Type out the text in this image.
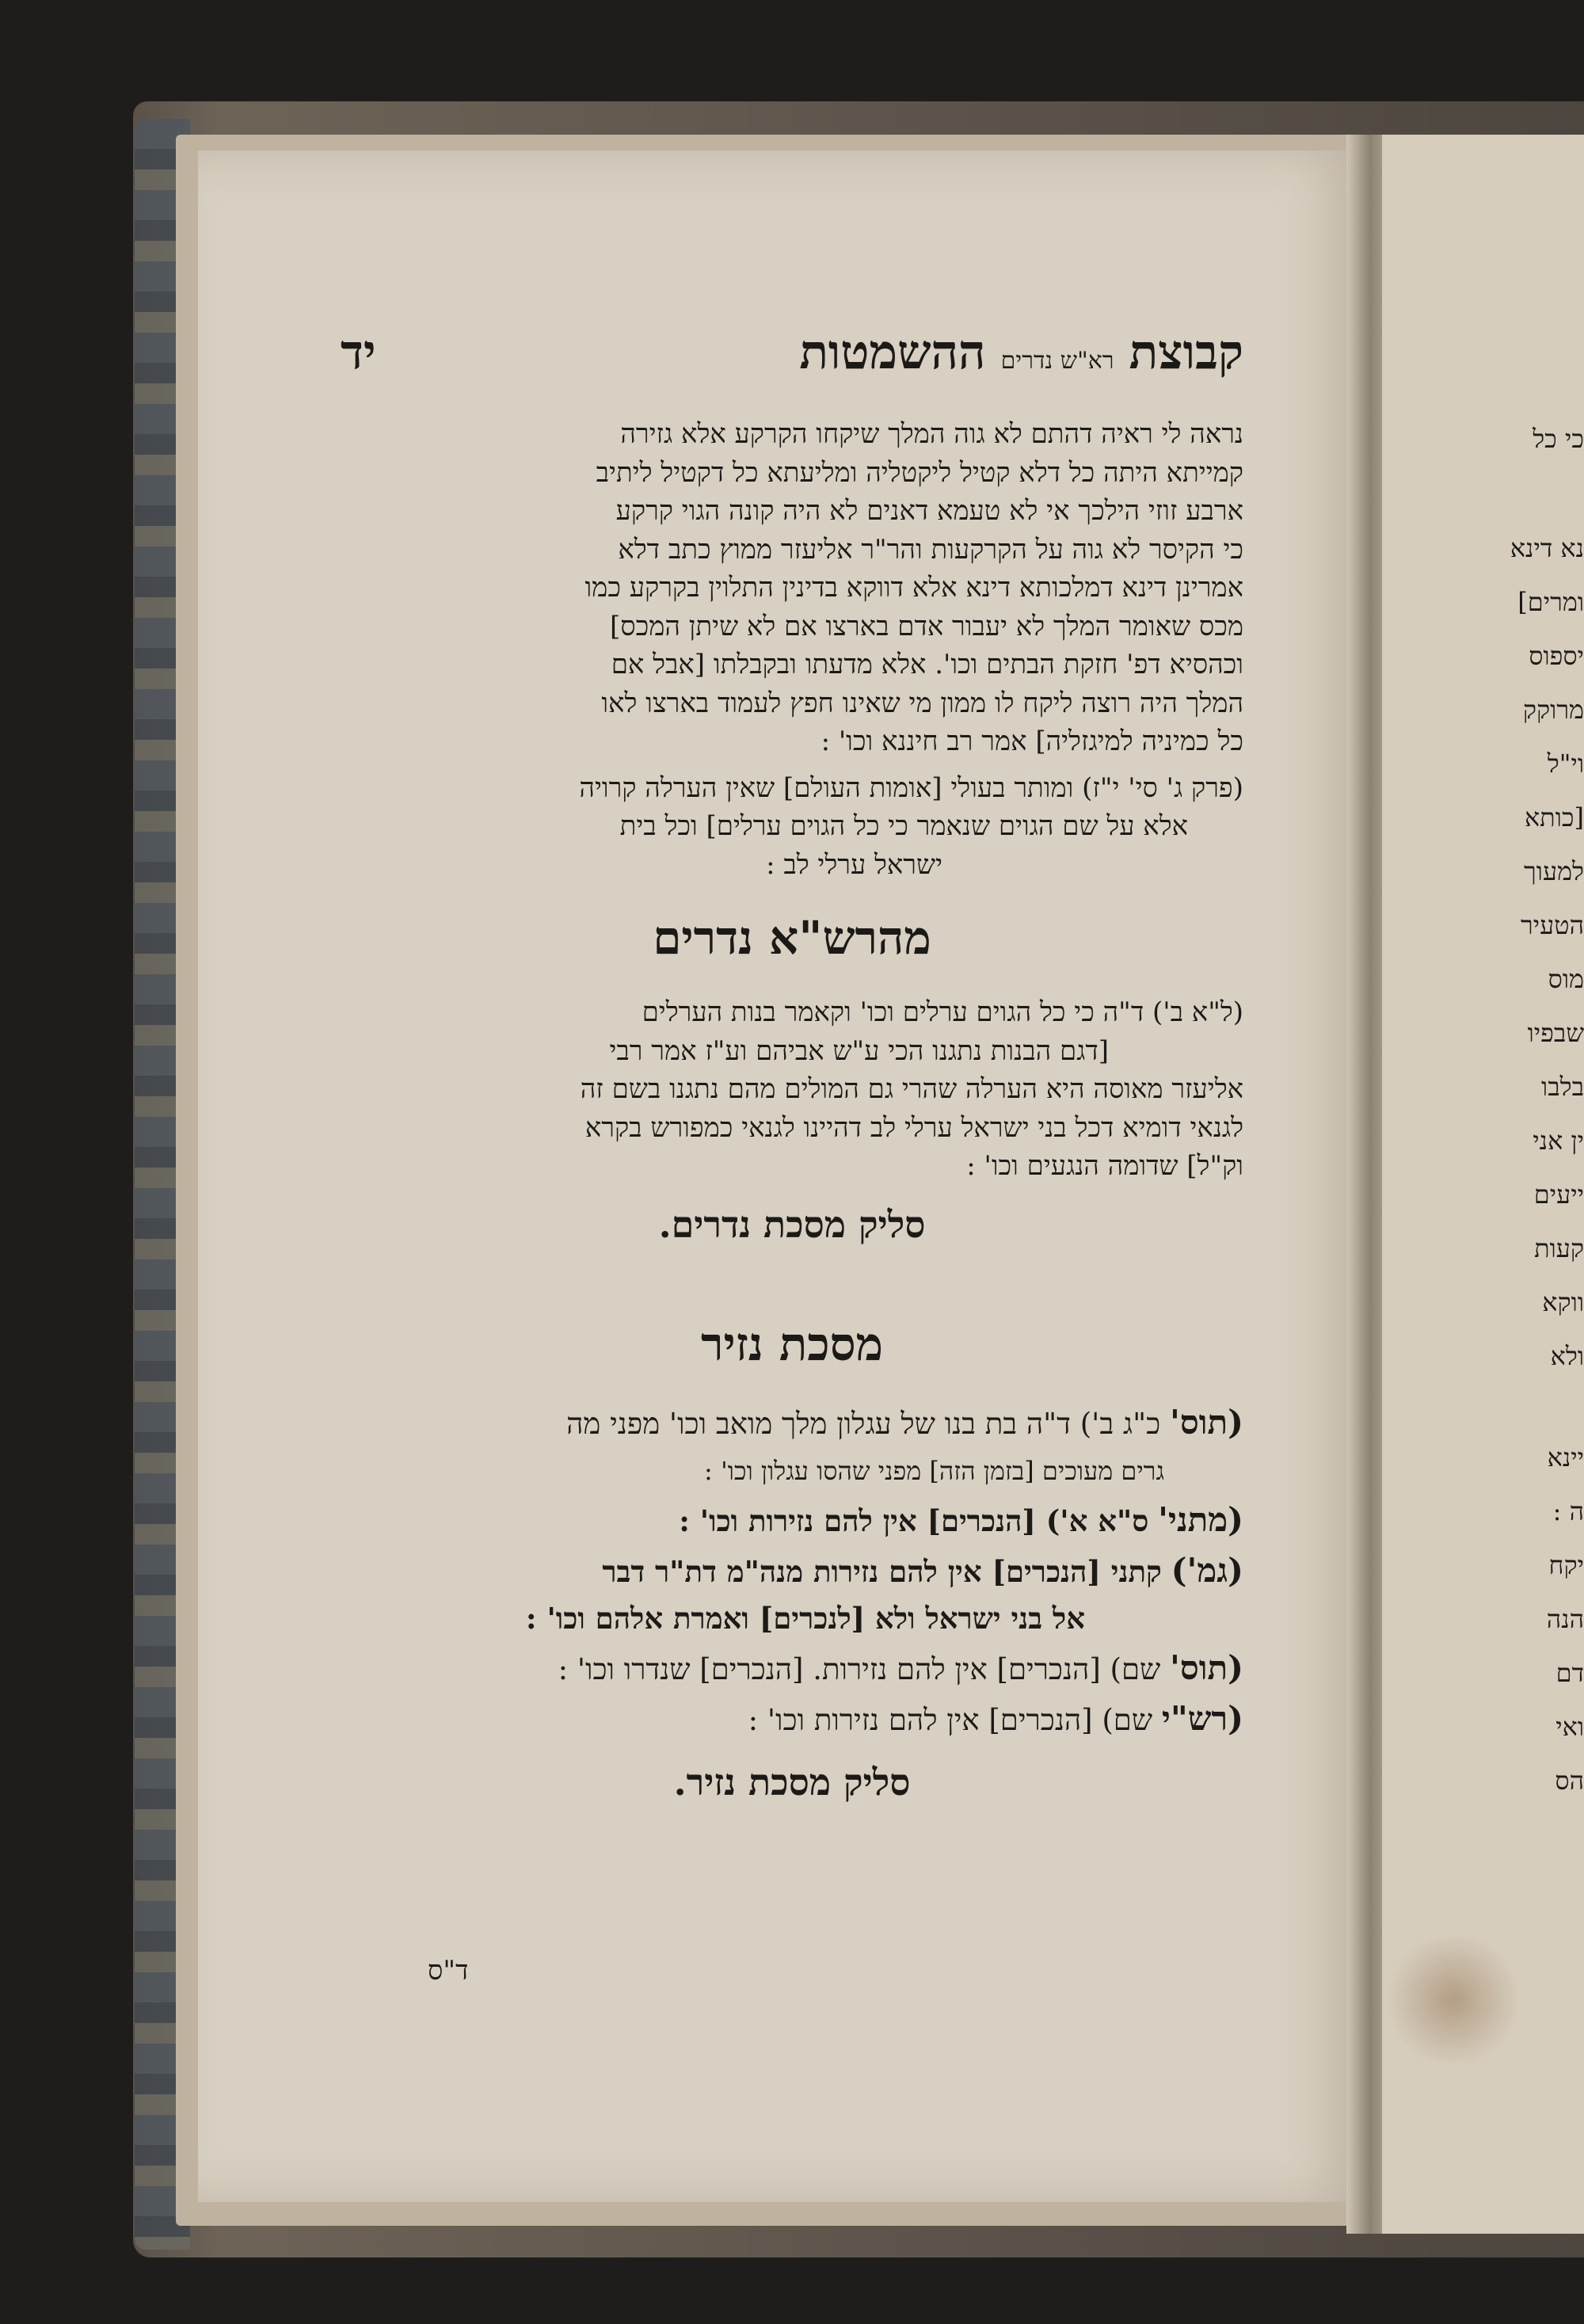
קבוצת רא"ש נדרים ההשמטות
יד

נראה לי ראיה דהתם לא גוה המלך שיקחו הקרקע אלא גזירה
קמייתא היתה כל דלא קטיל ליקטליה ומליעתא כל דקטיל ליתיב
ארבע זוזי הילכך אי לא טעמא דאנים לא היה קונה הגוי קרקע
כי הקיסר לא גוה על הקרקעות והר"ר אליעזר ממוץ כתב דלא
אמרינן דינא דמלכותא דינא אלא דווקא בדינין התלוין בקרקע כמו
מכס שאומר המלך לא יעבור אדם בארצו אם לא שיתן המכס]
וכהסיא דפ' חזקת הבתים וכו'. אלא מדעתו ובקבלתו [אבל אם
המלך היה רוצה ליקח לו ממון מי שאינו חפץ לעמוד בארצו לאו
כל כמיניה למיגזליה] אמר רב חיננא וכו' :

(פרק ג' סי' י"ז) ומותר בעולי [אומות העולם] שאין הערלה קרויה
אלא על שם הגוים שנאמר כי כל הגוים ערלים] וכל בית
ישראל ערלי לב :

מהרש"א נדרים

(ל"א ב') ד"ה כי כל הגוים ערלים וכו' וקאמר בנות הערלים
[דגם הבנות נתגנו הכי ע"ש אביהם וע"ז אמר רבי
אליעזר מאוסה היא הערלה שהרי גם המולים מהם נתגנו בשם זה
לגנאי דומיא דכל בני ישראל ערלי לב דהיינו לגנאי כמפורש בקרא
וק"ל] שדומה הנגעים וכו' :

סליק מסכת נדרים.
מסכת נזיר

(תוס' כ"ג ב') ד"ה בת בנו של עגלון מלך מואב וכו' מפני מה
גרים מעוכים [בזמן הזה] מפני שהסו עגלון וכו' :

(מתני' ס"א א') [הנכרים] אין להם נזירות וכו' :

(גמ') קתני [הנכרים] אין להם נזירות מנה"מ דת"ר דבר
אל בני ישראל ולא [לנכרים] ואמרת אלהם וכו' :

(תוס' שם) [הנכרים] אין להם נזירות. [הנכרים] שנדרו וכו' :

(רש"י שם) [הנכרים] אין להם נזירות וכו' :

סליק מסכת נזיר.
ד"ס
כי כל
נא דינא
ומרים]
יספוס
מרוקק
וי"ל
[כותא
למעוך
הטעיר
מוס
שבפיו
בלבו
ין אני
ייעים
קעות
ווקא
ולא
יינא
ה :
יקח
הנה
דם
ואי
הס
